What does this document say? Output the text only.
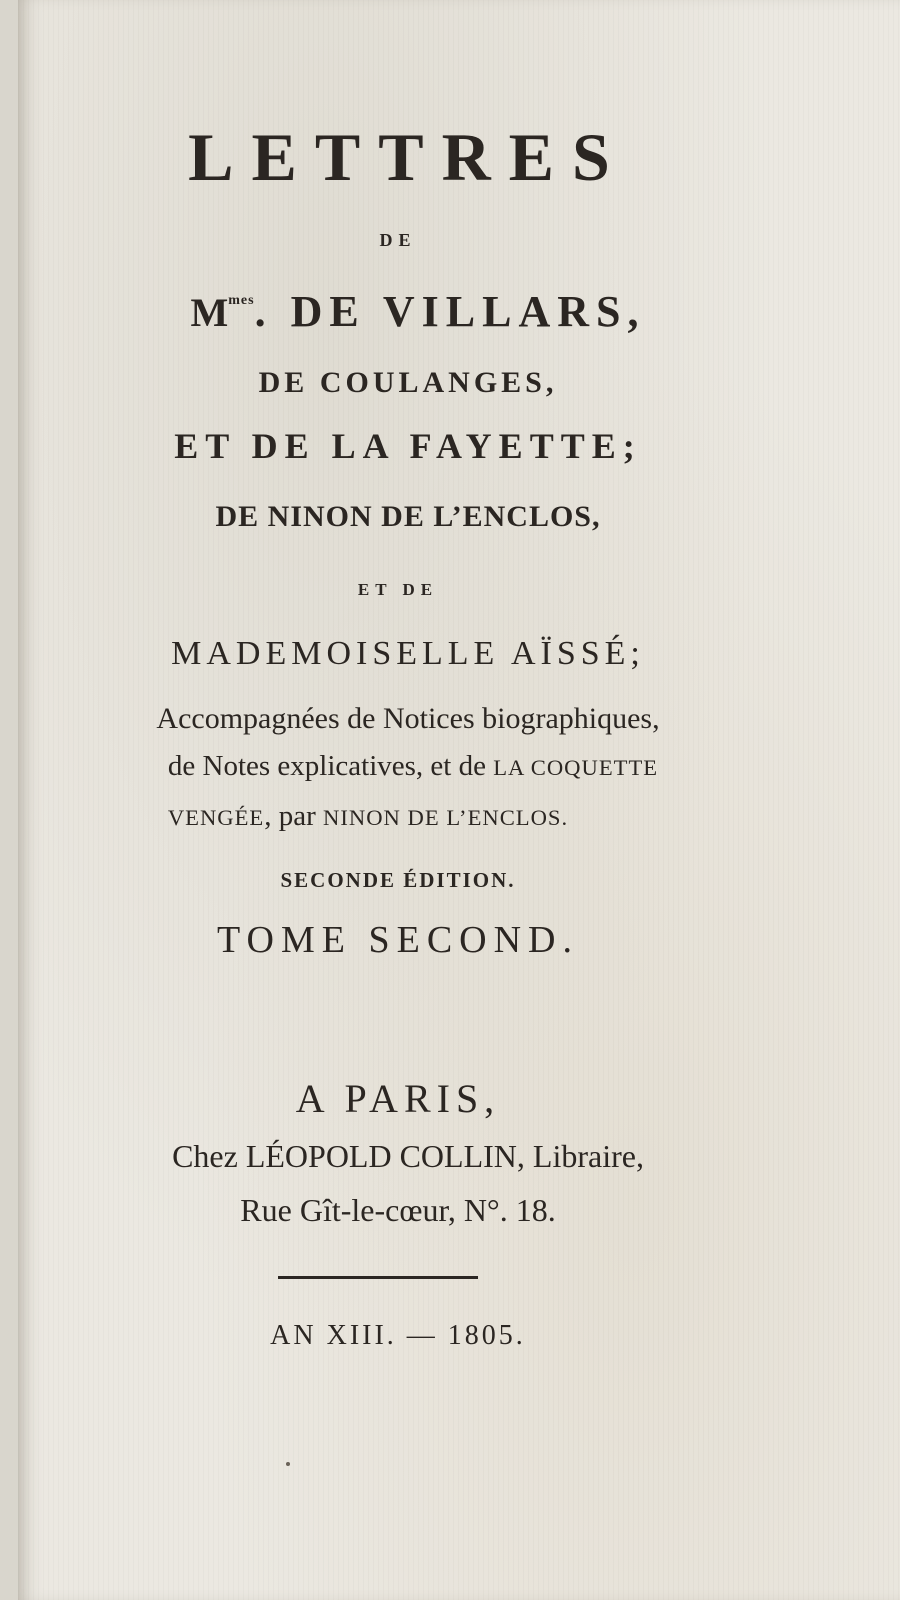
LETTRES
DE
$M^{mes}$. DE VILLARS,
DE COULANGES,
ET DE LA FAYETTE;
DE NINON DE L’ENCLOS,
ET DE
MADEMOISELLE AÏSSÉ;
Accompagnées de Notices biographiques,
de Notes explicatives, et de LA COQUETTE
VENGÉE, par NINON DE L’ENCLOS.
SECONDE ÉDITION.
TOME SECOND.
A PARIS,
Chez LÉOPOLD COLLIN, Libraire,
Rue Gît-le-cœur, N°. 18.
AN XIII. — 1805.
